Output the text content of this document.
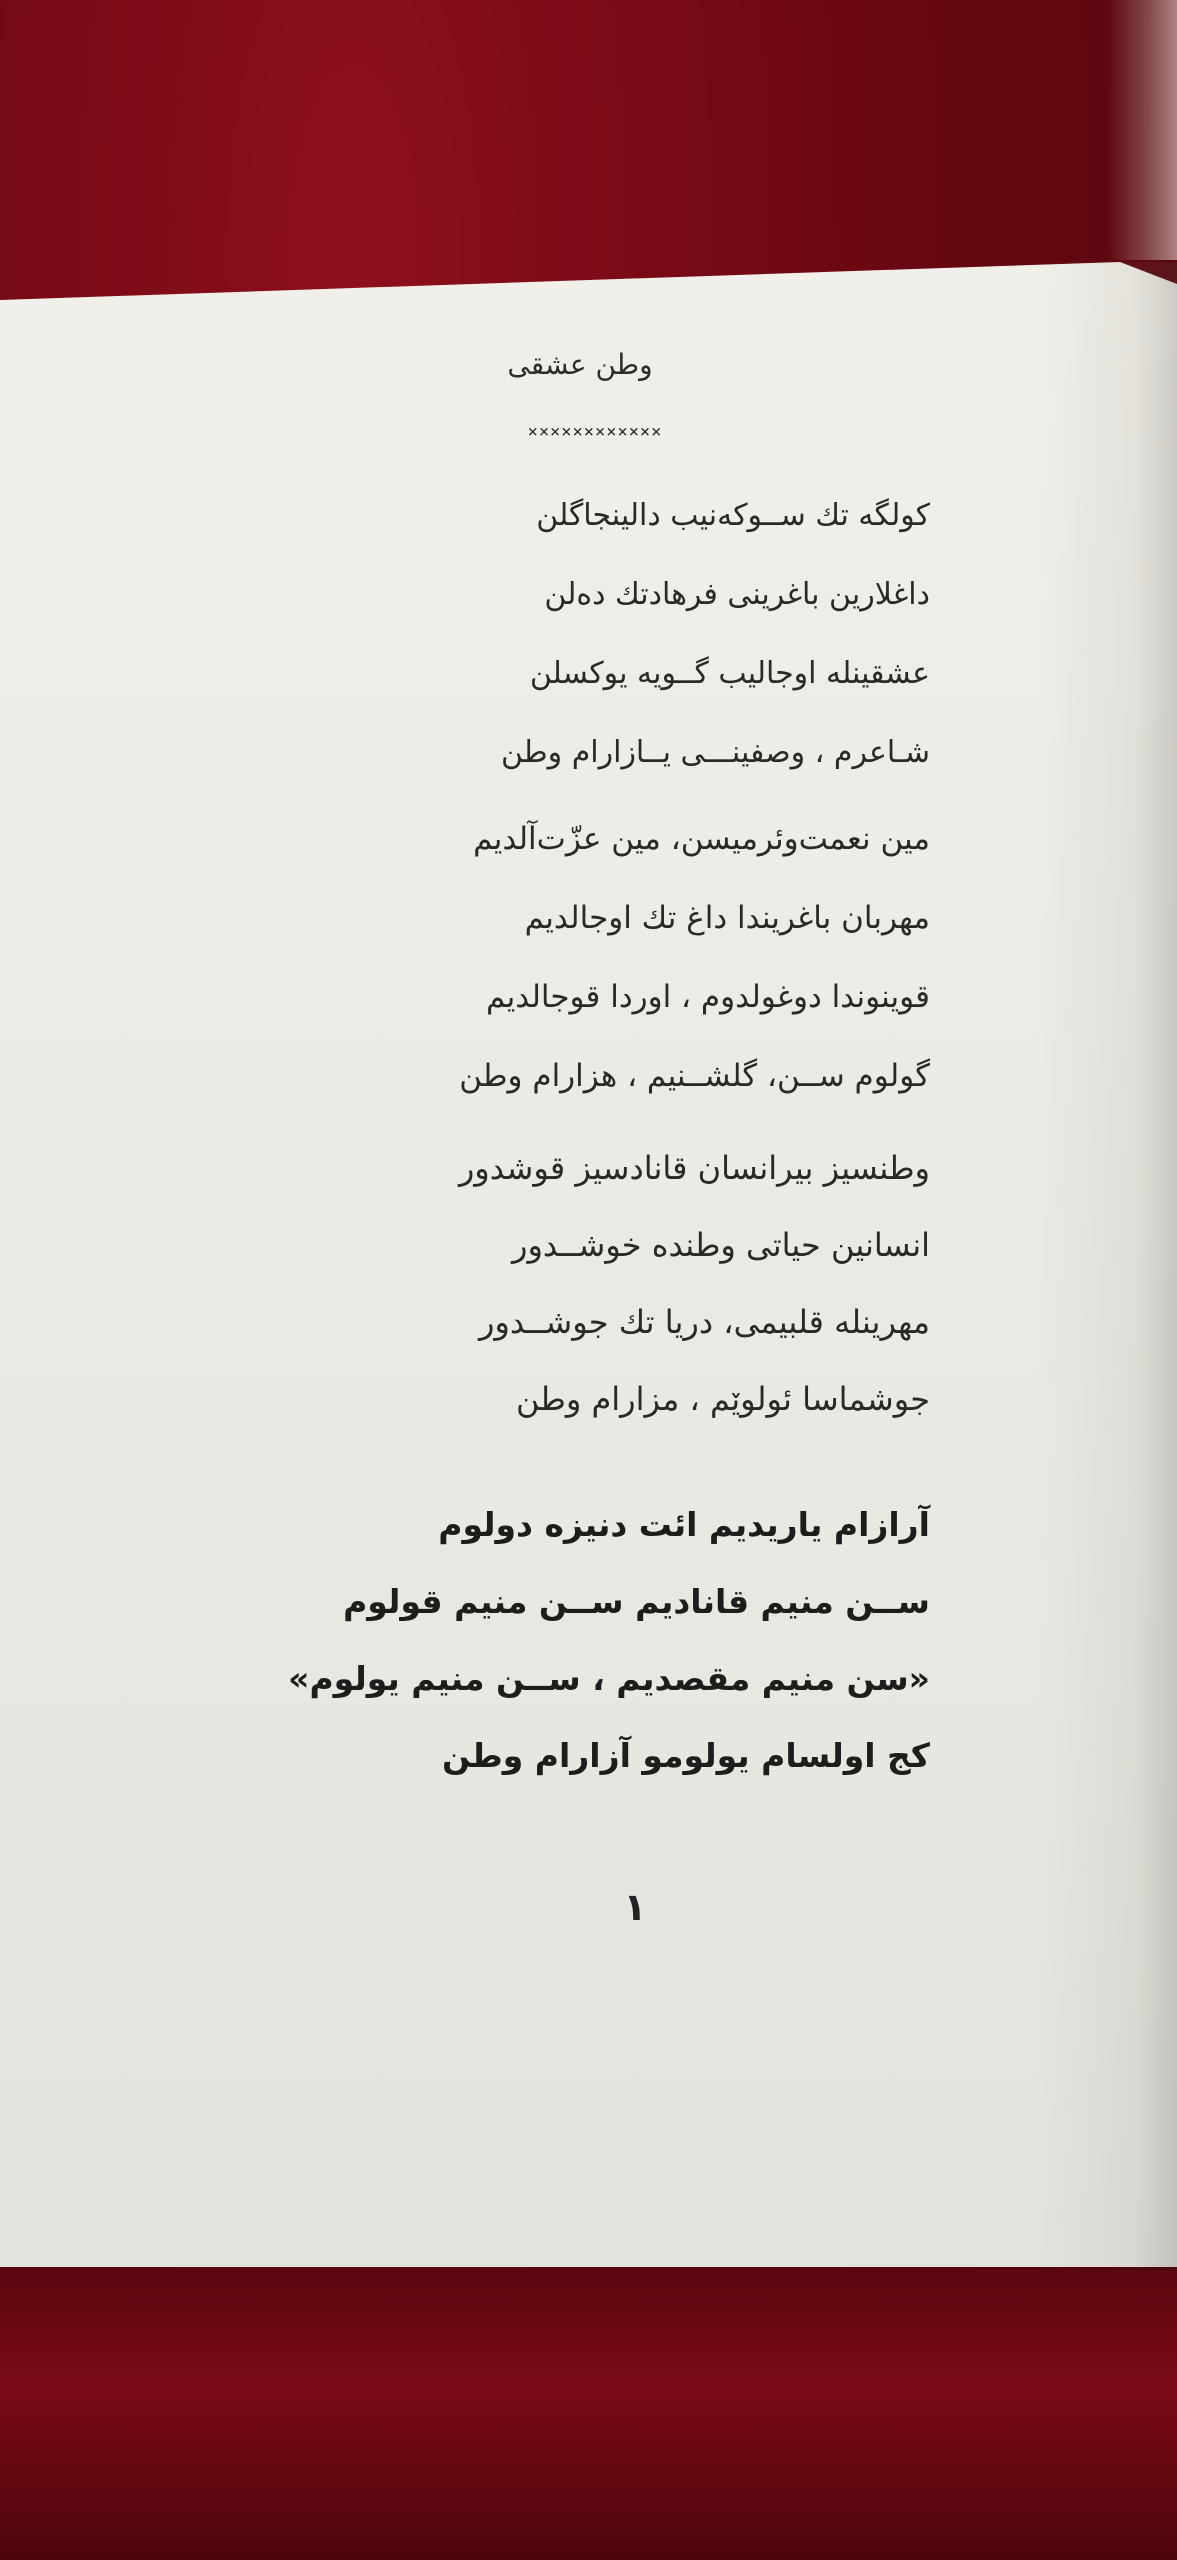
وطن عشقی
××××××××××××
كولگه تك ســوكه‌نيب دالينجاگلن
داغلارين باغرينى فرهادتك دەلن
عشقينله اوجاليب گــويه يوكسلن
شـاعرم ، وصفينـــى يــازارام وطن
مين نعمت‌وئرميسن، مين عزّت‌آلديم
مهربان باغريندا داغ تك اوجالديم
قوينوندا دوغولدوم ، اوردا قوجالديم
گولوم ســن، گلشــنيم ، هزارام وطن
وطنسيز بيرانسان قانادسيز قوشدور
انسانين حياتى وطنده خوشــدور
مهرينله قلبيمى، دريا تك جوشــدور
جوشماسا ئولوێم ، مزارام وطن
آرازام ياريديم ائت دنيزه دولوم
ســن منيم قاناديم ســن منيم قولوم
«سن منيم مقصديم ، ســن منيم يولوم»
كج اولسام يولومو آزارام وطن
۱
